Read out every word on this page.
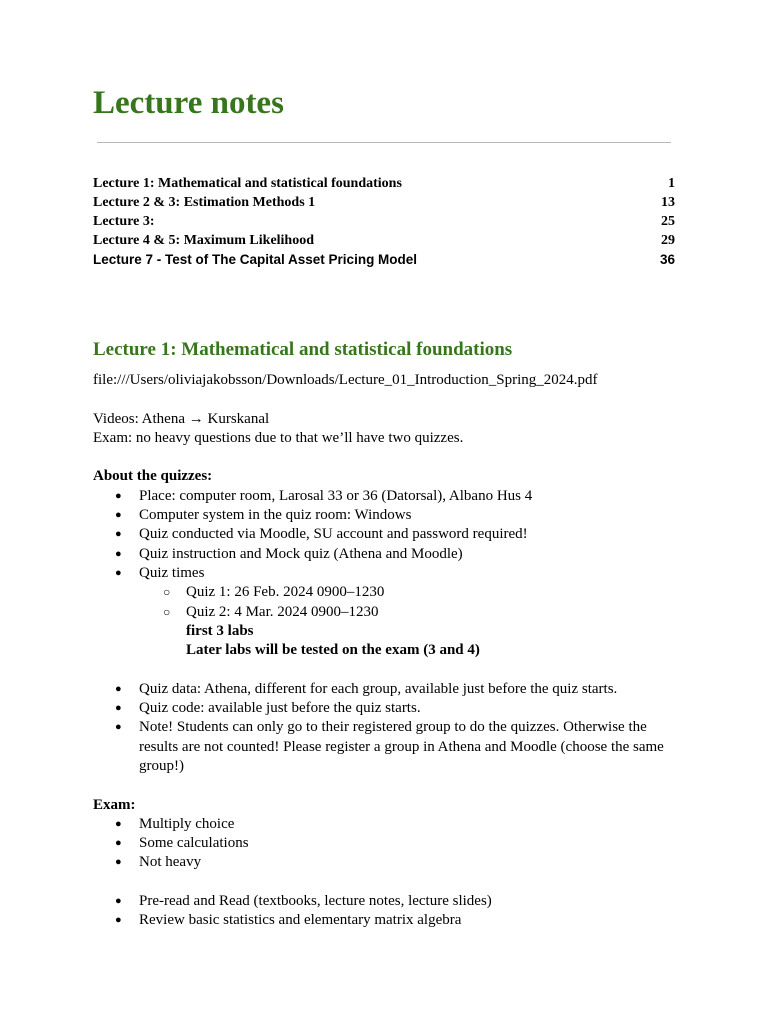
Lecture notes
Lecture 1: Mathematical and statistical foundations	1
Lecture 2 & 3: Estimation Methods 1	13
Lecture 3:	25
Lecture 4 & 5: Maximum Likelihood	29
Lecture 7 - Test of The Capital Asset Pricing Model	36
Lecture 1: Mathematical and statistical foundations

file:///Users/oliviajakobsson/Downloads/Lecture_01_Introduction_Spring_2024.pdf

Videos: Athena → Kurskanal

Exam: no heavy questions due to that we’ll have two quizzes.

About the quizzes:

● Place: computer room, Larosal 33 or 36 (Datorsal), Albano Hus 4
● Computer system in the quiz room: Windows
● Quiz conducted via Moodle, SU account and password required!
● Quiz instruction and Mock quiz (Athena and Moodle)
● Quiz times
○ Quiz 1: 26 Feb. 2024 0900–1230
○ Quiz 2: 4 Mar. 2024 0900–1230

first 3 labs

Later labs will be tested on the exam (3 and 4)

● Quiz data: Athena, different for each group, available just before the quiz starts.
● Quiz code: available just before the quiz starts.
● Note! Students can only go to their registered group to do the quizzes. Otherwise the results are not counted! Please register a group in Athena and Moodle (choose the same group!)

Exam:

● Multiply choice
● Some calculations
● Not heavy
● Pre-read and Read (textbooks, lecture notes, lecture slides)
● Review basic statistics and elementary matrix algebra
